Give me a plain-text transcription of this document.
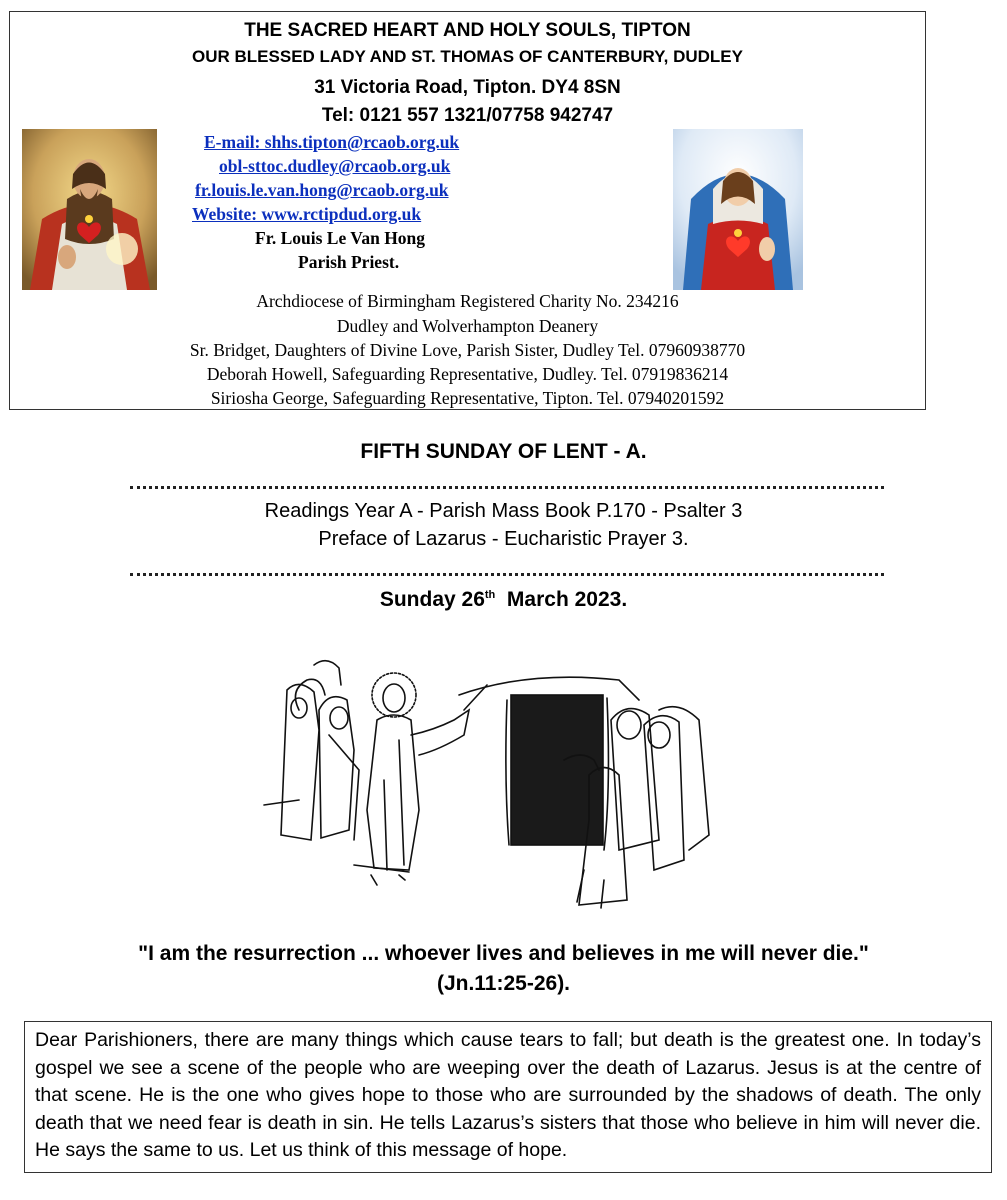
THE SACRED HEART AND HOLY SOULS, TIPTON
OUR BLESSED LADY AND ST. THOMAS OF CANTERBURY, DUDLEY
31 Victoria Road, Tipton. DY4 8SN
Tel: 0121 557 1321/07758 942747
E-mail: shhs.tipton@rcaob.org.uk
obl-sttoc.dudley@rcaob.org.uk
fr.louis.le.van.hong@rcaob.org.uk
Website: www.rctipdud.org.uk
Fr. Louis Le Van Hong
Parish Priest.
Archdiocese of Birmingham Registered Charity No. 234216
Dudley and Wolverhampton Deanery
Sr. Bridget, Daughters of Divine Love, Parish Sister, Dudley Tel. 07960938770
Deborah Howell, Safeguarding Representative, Dudley. Tel. 07919836214
Siriosha George, Safeguarding Representative, Tipton. Tel. 07940201592
FIFTH SUNDAY OF LENT - A.
Readings Year A - Parish Mass Book P.170 - Psalter 3
Preface of Lazarus - Eucharistic Prayer 3.
Sunday 26th  March 2023.
"I am the resurrection ... whoever lives and believes in me will never die."
(Jn.11:25-26).
Dear Parishioners, there are many things which cause tears to fall; but death is the greatest one. In today’s gospel we see a scene of the people who are weeping over the death of Lazarus. Jesus is at the centre of that scene. He is the one who gives hope to those who are surrounded by the shadows of death. The only death that we need fear is death in sin. He tells Lazarus’s sisters that those who believe in him will never die. He says the same to us. Let us think of this message of hope.
